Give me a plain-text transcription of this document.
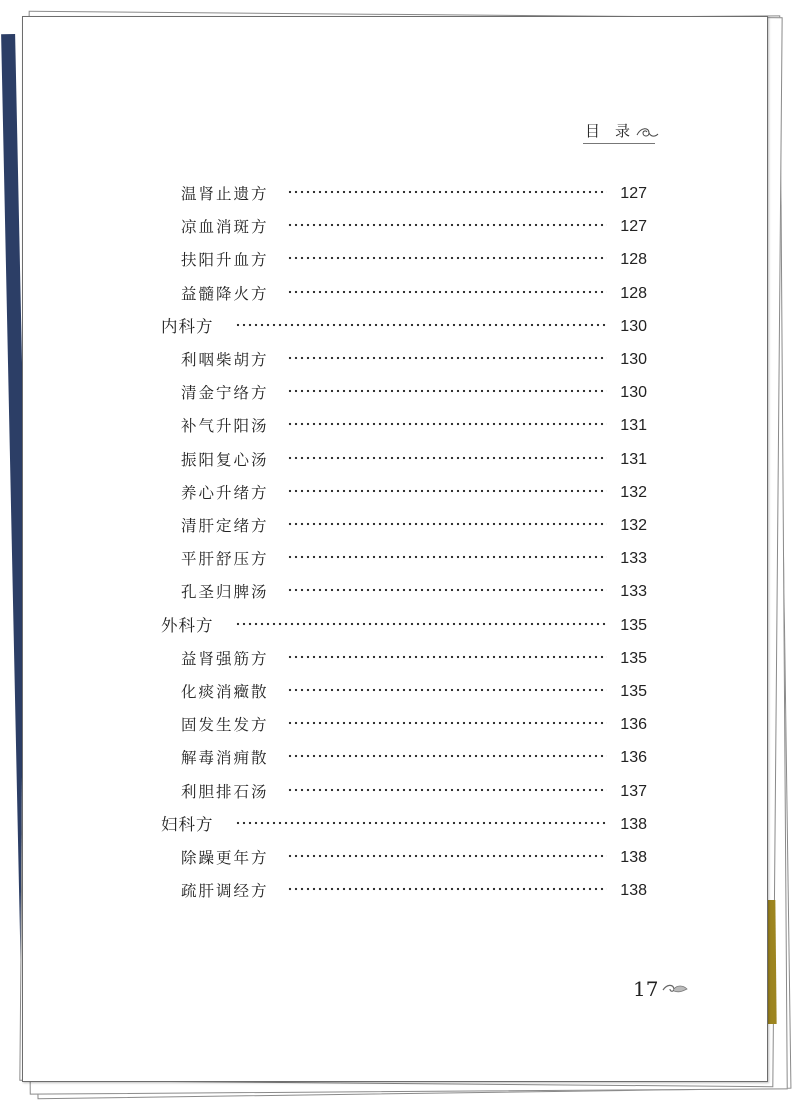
目 录
温肾止遗方	127
凉血消斑方	127
扶阳升血方	128
益髓降火方	128
内科方	130
利咽柴胡方	130
清金宁络方	130
补气升阳汤	131
振阳复心汤	131
养心升绪方	132
清肝定绪方	132
平肝舒压方	133
孔圣归脾汤	133
外科方	135
益肾强筋方	135
化痰消癥散	135
固发生发方	136
解毒消痈散	136
利胆排石汤	137
妇科方	138
除躁更年方	138
疏肝调经方	138
17
